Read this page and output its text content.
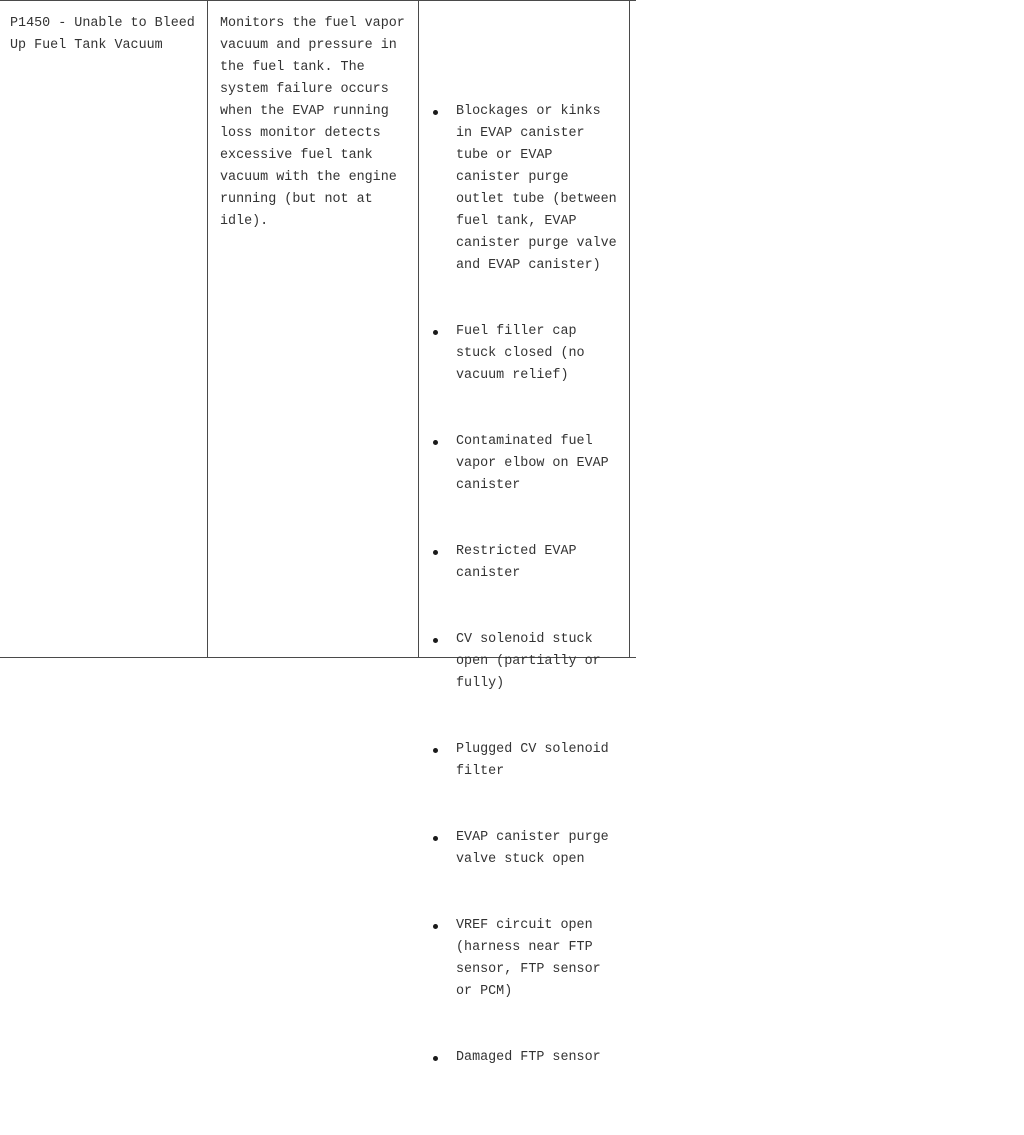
P1450 - Unable to Bleed Up Fuel Tank Vacuum
Monitors the fuel vapor vacuum and pressure in the fuel tank. The system failure occurs when the EVAP running loss monitor detects excessive fuel tank vacuum with the engine running (but not at idle).

Blockages or kinks in EVAP canister tube or EVAP canister purge outlet tube (between fuel tank, EVAP canister purge valve and EVAP canister)

Fuel filler cap stuck closed (no vacuum relief)

Contaminated fuel vapor elbow on EVAP canister

Restricted EVAP canister

CV solenoid stuck open (partially or fully)

Plugged CV solenoid filter

EVAP canister purge valve stuck open

VREF circuit open (harness near FTP sensor, FTP sensor or PCM)

Damaged FTP sensor
